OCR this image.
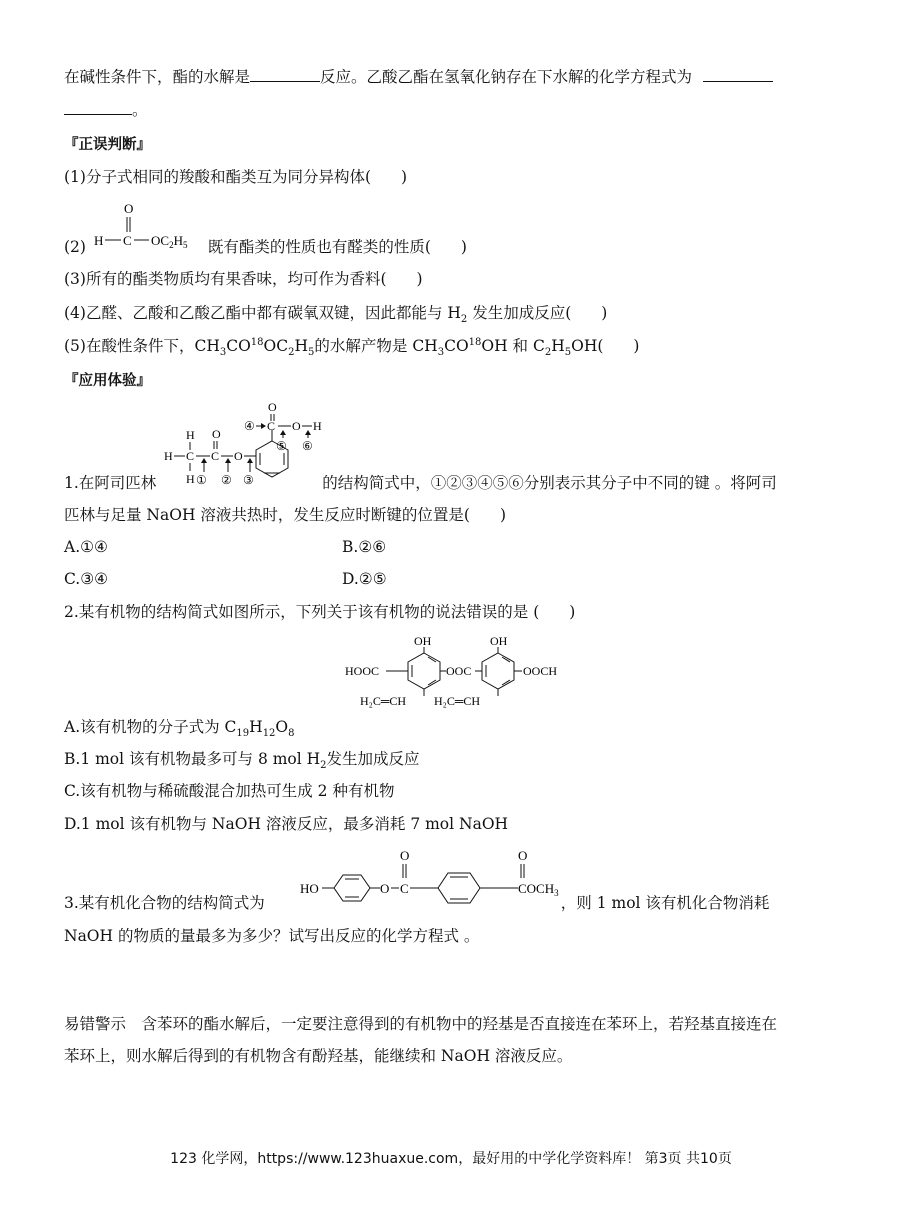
在碱性条件下，酯的水解是	反应。乙酸乙酯在氢氧化钠存在下水解的化学方程式为
。
『正误判断』
(1)分子式相同的羧酸和酯类互为同分异构体( )
(2)	既有酯类的性质也有醛类的性质( )
O
H C $OC_2H_5$
(3)所有的酯类物质均有果香味，均可作为香料( )
(4)乙醛、乙酸和乙酸乙酯中都有碳氧双键，因此都能与 $H_2$ 发生加成反应( )
(5)在酸性条件下，$CH_3CO^{18}OC_2H_5$的水解产物是 $CH_3CO^{18}OH$ 和 $C_2H_5OH$( )
『应用体验』
H
H
H
C C
O
O
① ② ③
C
O
O H
④
⑤ ⑥
1.在阿司匹林	的结构简式中，①②③④⑤⑥分别表示其分子中不同的键 。将阿司
匹林与足量 NaOH 溶液共热时，发生反应时断键的位置是( )
A.①④	B.②⑥
C.③④	D.②⑤
2.某有机物的结构简式如图所示，下列关于该有机物的说法错误的是 ( )
OH
HOOC
H₂C═CH
OOC
OH
OOCH
H₂C═CH
A.该有机物的分子式为 $C_{19}H_{12}O_8$
B.1 mol 该有机物最多可与 8 mol $H_2$发生加成反应
C.该有机物与稀硫酸混合加热可生成 2 种有机物
D.1 mol 该有机物与 NaOH 溶液反应，最多消耗 7 mol NaOH
HO	O C
O
$COCH_3$
O
3.某有机化合物的结构简式为	，则 1 mol 该有机化合物消耗
NaOH 的物质的量最多为多少？试写出反应的化学方程式 。
易错警示　含苯环的酯水解后，一定要注意得到的有机物中的羟基是否直接连在苯环上，若羟基直接连在
苯环上，则水解后得到的有机物含有酚羟基，能继续和 NaOH 溶液反应。
123 化学网，https://www.123huaxue.com，最好用的中学化学资料库！ 第3页 共10页
